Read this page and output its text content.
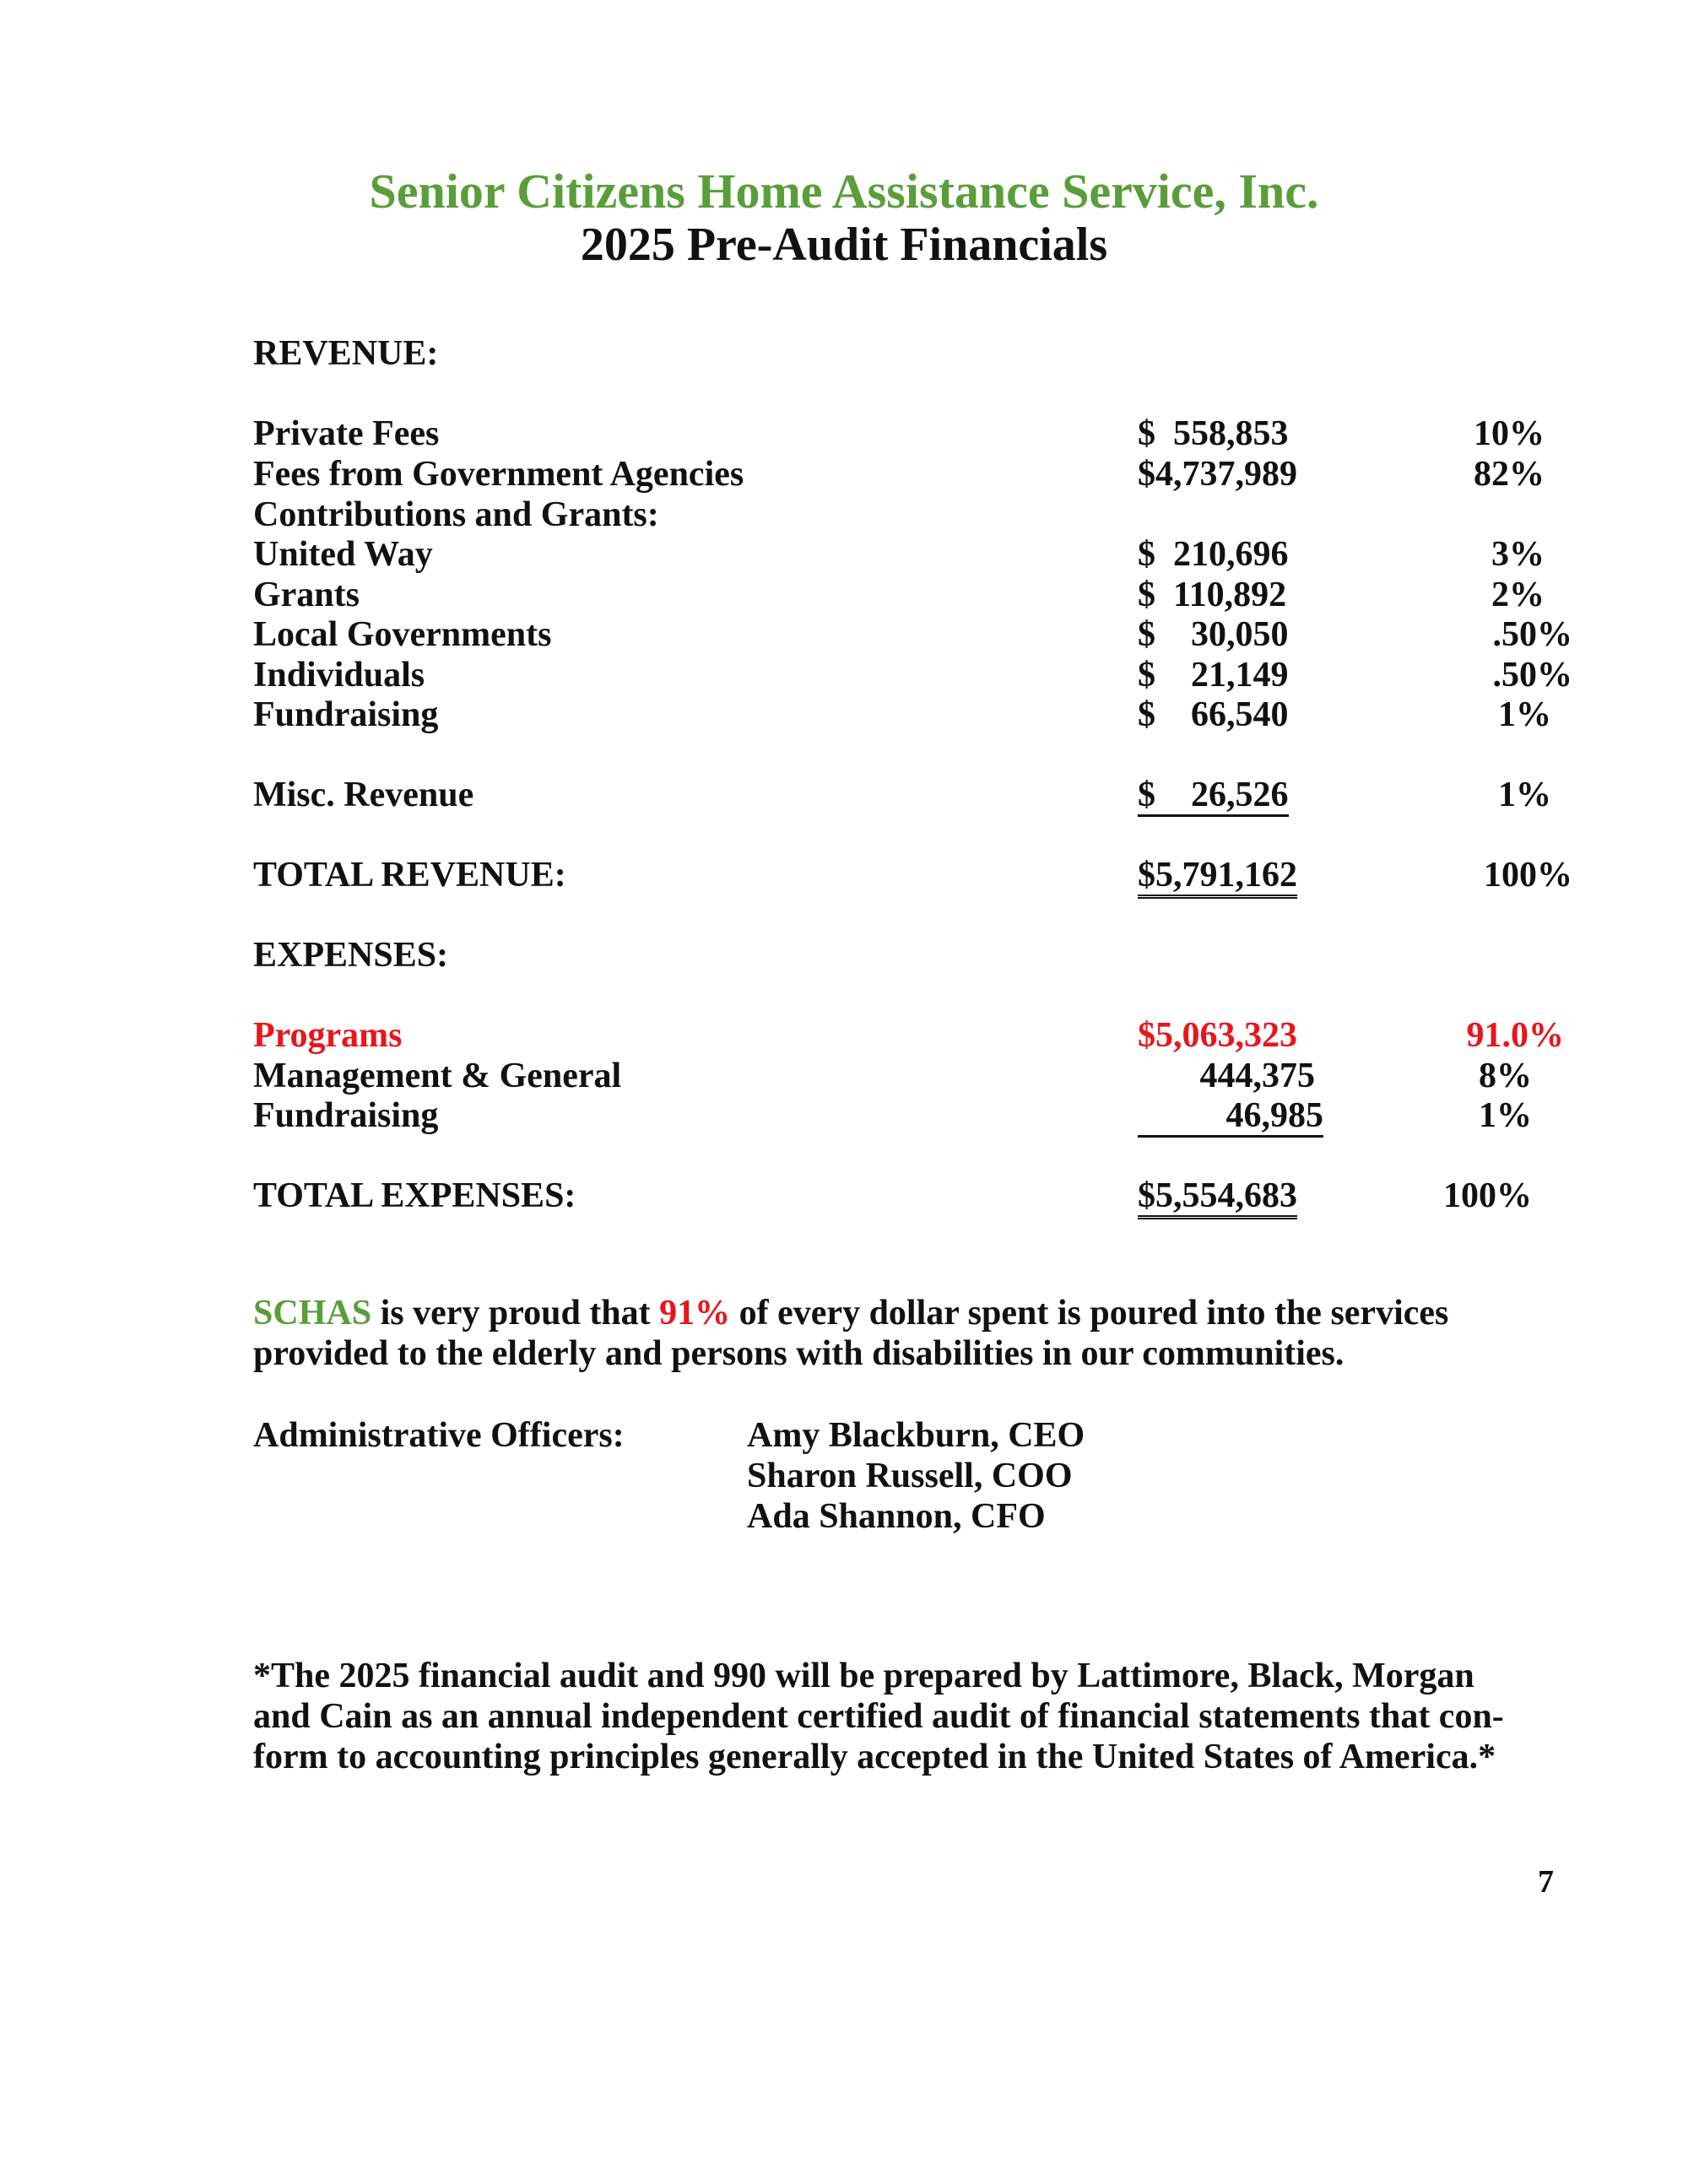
Senior Citizens Home Assistance Service, Inc.
2025 Pre-Audit Financials
REVENUE:
Private Fees	$  558,853	10%
Fees from Government Agencies	$4,737,989	82%
Contributions and Grants:
United Way	$  210,696	3%
Grants	$  110,892	2%
Local Governments	$    30,050	.50%
Individuals	$    21,149	.50%
Fundraising	$    66,540	1%
Misc. Revenue	$    26,526	1%
TOTAL REVENUE:	$5,791,162	100%
EXPENSES:
Programs	$5,063,323	91.0%
Management & General	444,375	8%
Fundraising	46,985	1%
TOTAL EXPENSES:	$5,554,683	100%
SCHAS is very proud that 91% of every dollar spent is poured into the services
provided to the elderly and persons with disabilities in our communities.
Administrative Officers:	Amy Blackburn, CEO
Sharon Russell, COO
Ada Shannon, CFO
*The 2025 financial audit and 990 will be prepared by Lattimore, Black, Morgan
and Cain as an annual independent certified audit of financial statements that con-
form to accounting principles generally accepted in the United States of America.*
7
